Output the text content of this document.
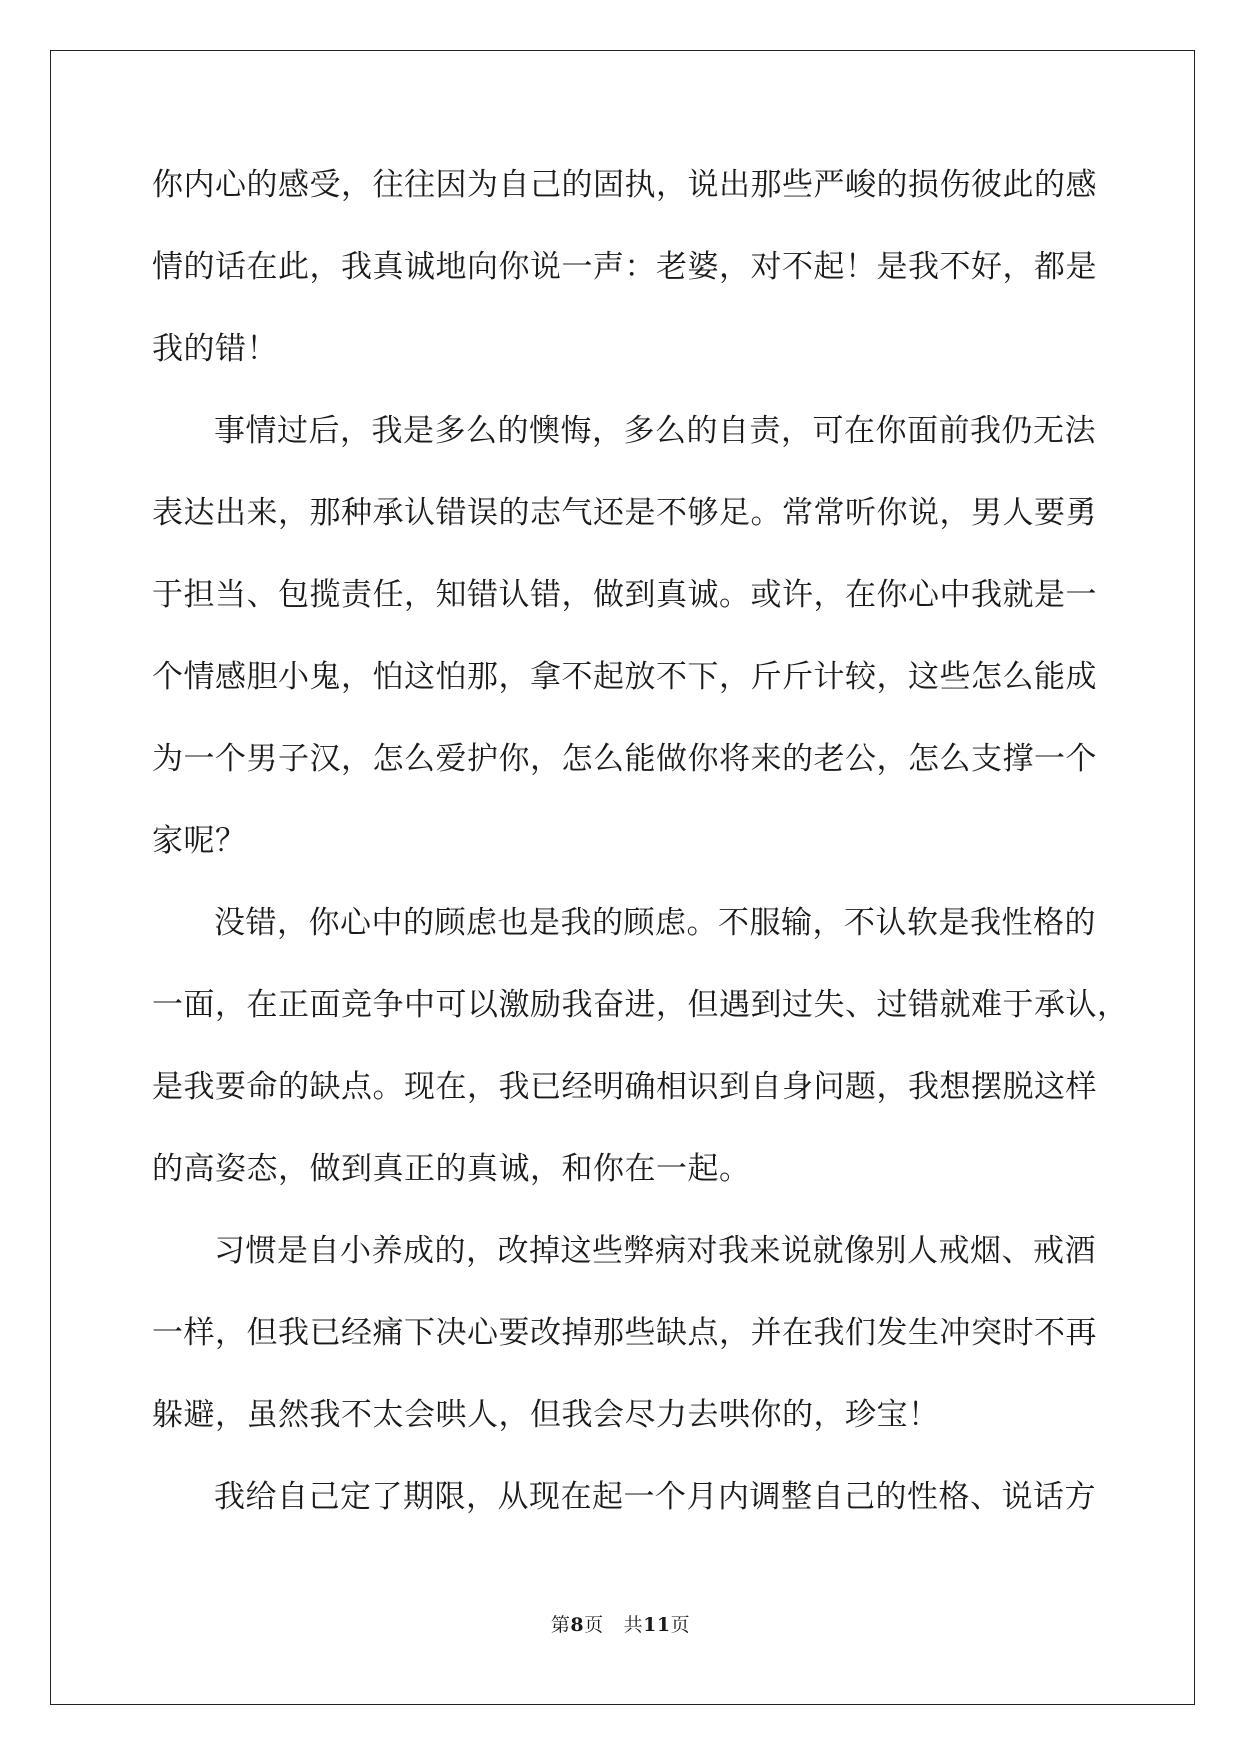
你内心的感受，往往因为自己的固执，说出那些严峻的损伤彼此的感
情的话在此，我真诚地向你说一声：老婆，对不起！是我不好，都是
我的错！
事情过后，我是多么的懊悔，多么的自责，可在你面前我仍无法
表达出来，那种承认错误的志气还是不够足。常常听你说，男人要勇
于担当、包揽责任，知错认错，做到真诚。或许，在你心中我就是一
个情感胆小鬼，怕这怕那，拿不起放不下，斤斤计较，这些怎么能成
为一个男子汉，怎么爱护你，怎么能做你将来的老公，怎么支撑一个
家呢？
没错，你心中的顾虑也是我的顾虑。不服输，不认软是我性格的
一面，在正面竞争中可以激励我奋进，但遇到过失、过错就难于承认，
是我要命的缺点。现在，我已经明确相识到自身问题，我想摆脱这样
的高姿态，做到真正的真诚，和你在一起。
习惯是自小养成的，改掉这些弊病对我来说就像别人戒烟、戒酒
一样，但我已经痛下决心要改掉那些缺点，并在我们发生冲突时不再
躲避，虽然我不太会哄人，但我会尽力去哄你的，珍宝！
我给自己定了期限，从现在起一个月内调整自己的性格、说话方
第8页 共11页
